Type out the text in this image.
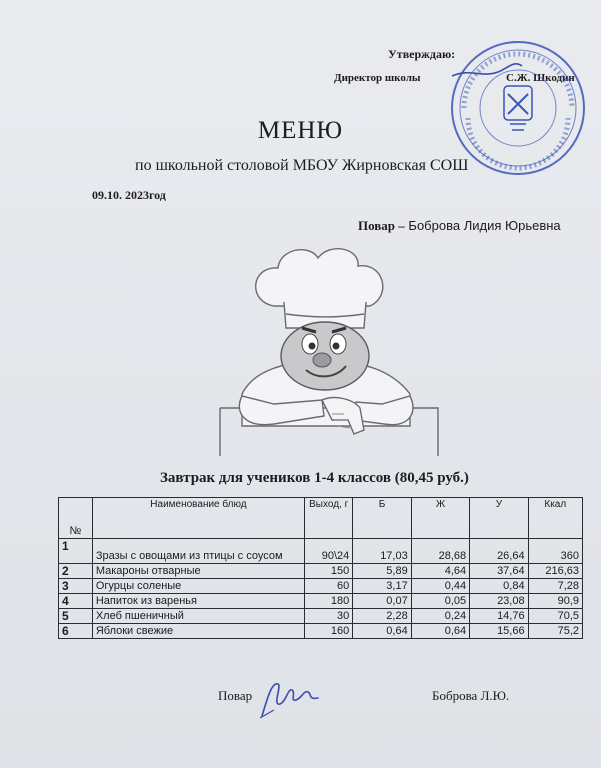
Утверждаю:
Директор школы	С.Ж. Шкодин
МЕНЮ
по школьной столовой МБОУ Жирновская СОШ
09.10. 2023год
Повар – Боброва Лидия Юрьевна
Завтрак для учеников 1-4 классов (80,45 руб.)
№	Наименование блюд	Выход, г	Б	Ж	У	Ккал
1	Зразы с овощами из птицы с соусом	90\24	17,03	28,68	26,64	360
2	Макароны отварные	150	5,89	4,64	37,64	216,63
3	Огурцы соленые	60	3,17	0,44	0,84	7,28
4	Напиток из варенья	180	0,07	0,05	23,08	90,9
5	Хлеб пшеничный	30	2,28	0,24	14,76	70,5
6	Яблоки свежие	160	0,64	0,64	15,66	75,2
Повар	Боброва Л.Ю.
